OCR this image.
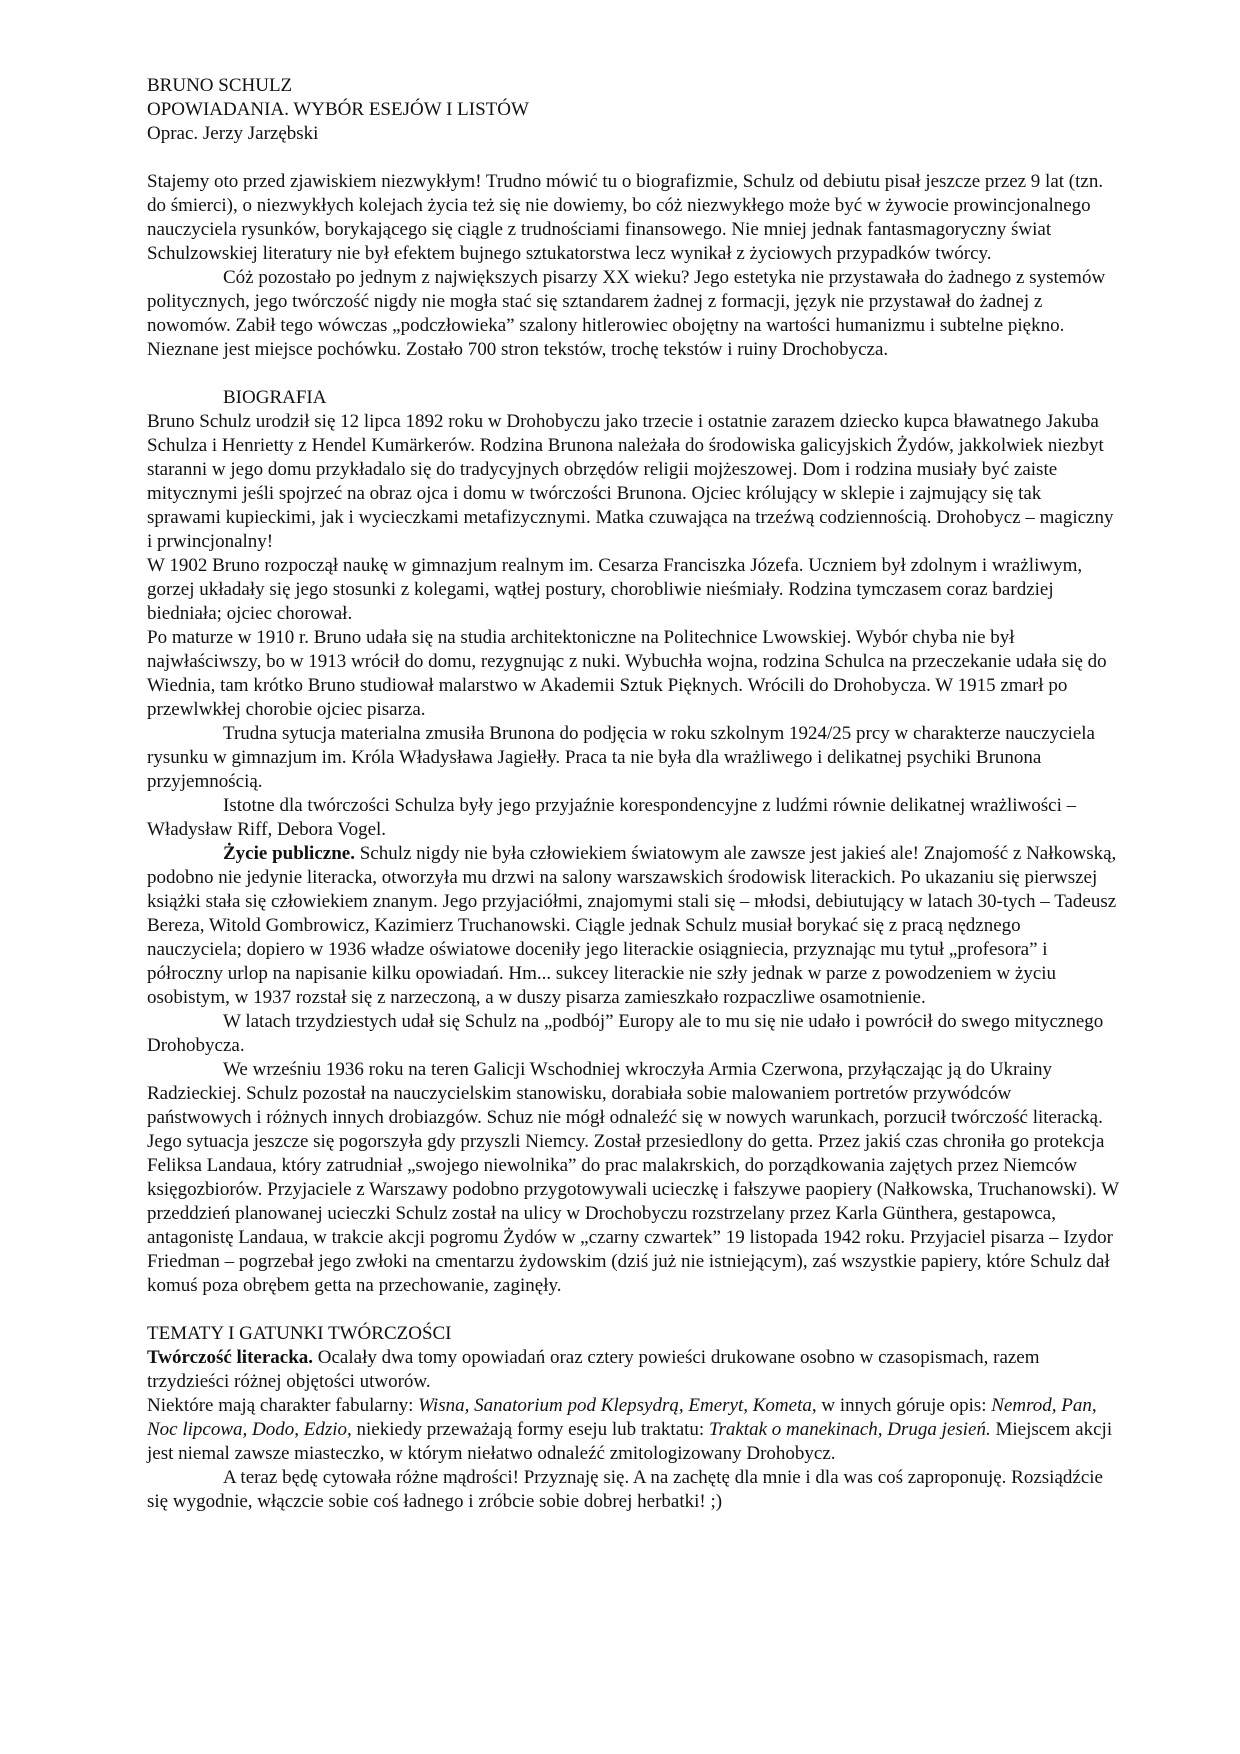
BRUNO SCHULZ

OPOWIADANIA. WYBÓR ESEJÓW I LISTÓW

Oprac. Jerzy Jarzębski

Stajemy oto przed zjawiskiem niezwykłym! Trudno mówić tu o biografizmie, Schulz od debiutu pisał jeszcze przez 9 lat (tzn. do śmierci), o niezwykłych kolejach życia też się nie dowiemy, bo cóż niezwykłego może być w żywocie prowincjonalnego nauczyciela rysunków, borykającego się ciągle z trudnościami finansowego. Nie mniej jednak fantasmagoryczny świat Schulzowskiej literatury nie był efektem bujnego sztukatorstwa lecz wynikał z życiowych przypadków twórcy.

Cóż pozostało po jednym z największych pisarzy XX wieku? Jego estetyka nie przystawała do żadnego z systemów politycznych, jego twórczość nigdy nie mogła stać się sztandarem żadnej z formacji, język nie przystawał do żadnej z nowomów. Zabił tego wówczas „podczłowieka” szalony hitlerowiec obojętny na wartości humanizmu i subtelne piękno. Nieznane jest miejsce pochówku. Zostało 700 stron tekstów, trochę tekstów i ruiny Drochobycza.

BIOGRAFIA

Bruno Schulz urodził się 12 lipca 1892 roku w Drohobyczu jako trzecie i ostatnie zarazem dziecko kupca bławatnego Jakuba Schulza i Henrietty z Hendel Kumärkerów. Rodzina Brunona należała do środowiska galicyjskich Żydów, jakkolwiek niezbyt staranni w jego domu przykładalo się do tradycyjnych obrzędów religii mojżeszowej. Dom i rodzina musiały być zaiste mitycznymi jeśli spojrzeć na obraz ojca i domu w twórczości Brunona. Ojciec królujący w sklepie i zajmujący się tak sprawami kupieckimi, jak i wycieczkami metafizycznymi. Matka czuwająca na trzeźwą codziennością. Drohobycz – magiczny i prwincjonalny!

W 1902 Bruno rozpoczął naukę w gimnazjum realnym im. Cesarza Franciszka Józefa. Uczniem był zdolnym i wrażliwym, gorzej układały się jego stosunki z kolegami, wątłej postury, chorobliwie nieśmiały. Rodzina tymczasem coraz bardziej biedniała; ojciec chorował.

Po maturze w 1910 r. Bruno udała się na studia architektoniczne na Politechnice Lwowskiej. Wybór chyba nie był najwłaściwszy, bo w 1913 wrócił do domu, rezygnując z nuki. Wybuchła wojna, rodzina Schulca na przeczekanie udała się do Wiednia, tam krótko Bruno studiował malarstwo w Akademii Sztuk Pięknych. Wrócili do Drohobycza. W 1915 zmarł po przewlwkłej chorobie ojciec pisarza.

Trudna sytucja materialna zmusiła Brunona do podjęcia w roku szkolnym 1924/25 prcy w charakterze nauczyciela rysunku w gimnazjum im. Króla Władysława Jagiełły. Praca ta nie była dla wrażliwego i delikatnej psychiki Brunona przyjemnością.

Istotne dla twórczości Schulza były jego przyjaźnie korespondencyjne z ludźmi równie delikatnej wrażliwości – Władysław Riff, Debora Vogel.

Życie publiczne. Schulz nigdy nie była człowiekiem światowym ale zawsze jest jakieś ale! Znajomość z Nałkowską, podobno nie jedynie literacka, otworzyła mu drzwi na salony warszawskich środowisk literackich. Po ukazaniu się pierwszej książki stała się człowiekiem znanym. Jego przyjaciółmi, znajomymi stali się – młodsi, debiutujący w latach 30-tych – Tadeusz Bereza, Witold Gombrowicz, Kazimierz Truchanowski. Ciągle jednak Schulz musiał borykać się z pracą nędznego nauczyciela; dopiero w 1936 władze oświatowe doceniły jego literackie osiągniecia, przyznając mu tytuł „profesora” i półroczny urlop na napisanie kilku opowiadań. Hm... sukcey literackie nie szły jednak w parze z powodzeniem w życiu osobistym, w 1937 rozstał się z narzeczoną, a w duszy pisarza zamieszkało rozpaczliwe osamotnienie.

W latach trzydziestych udał się Schulz na „podbój” Europy ale to mu się nie udało i powrócił do swego mitycznego Drohobycza.

We wrześniu 1936 roku na teren Galicji Wschodniej wkroczyła Armia Czerwona, przyłączając ją do Ukrainy Radzieckiej. Schulz pozostał na nauczycielskim stanowisku, dorabiała sobie malowaniem portretów przywódców państwowych i różnych innych drobiazgów. Schuz nie mógł odnaleźć się w nowych warunkach, porzucił twórczość literacką. Jego sytuacja jeszcze się pogorszyła gdy przyszli Niemcy. Został przesiedlony do getta. Przez jakiś czas chroniła go protekcja Feliksa Landaua, który zatrudniał „swojego niewolnika” do prac malakrskich, do porządkowania zajętych przez Niemców księgozbiorów. Przyjaciele z Warszawy podobno przygotowywali ucieczkę i fałszywe paopiery (Nałkowska, Truchanowski). W przeddzień planowanej ucieczki Schulz został na ulicy w Drochobyczu rozstrzelany przez Karla Günthera, gestapowca, antagonistę Landaua, w trakcie akcji pogromu Żydów w „czarny czwartek” 19 listopada 1942 roku. Przyjaciel pisarza – Izydor Friedman – pogrzebał jego zwłoki na cmentarzu żydowskim (dziś już nie istniejącym), zaś wszystkie papiery, które Schulz dał komuś poza obrębem getta na przechowanie, zaginęły.

TEMATY I GATUNKI TWÓRCZOŚCI

Twórczość literacka. Ocalały dwa tomy opowiadań oraz cztery powieści drukowane osobno w czasopismach, razem trzydzieści różnej objętości utworów.

Niektóre mają charakter fabularny: Wisna, Sanatorium pod Klepsydrą, Emeryt, Kometa, w innych góruje opis: Nemrod, Pan, Noc lipcowa, Dodo, Edzio, niekiedy przeważają formy eseju lub traktatu: Traktak o manekinach, Druga jesień. Miejscem akcji jest niemal zawsze miasteczko, w którym niełatwo odnaleźć zmitologizowany Drohobycz.

A teraz będę cytowała różne mądrości! Przyznaję się. A na zachętę dla mnie i dla was coś zaproponuję. Rozsiądźcie się wygodnie, włączcie sobie coś ładnego i zróbcie sobie dobrej herbatki! ;)
